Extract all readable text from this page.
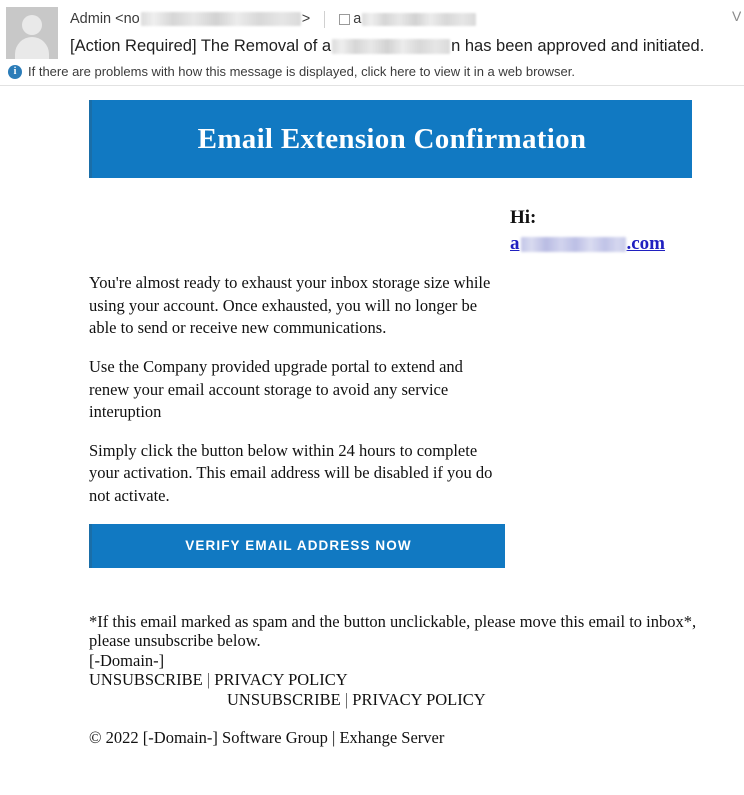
V
Admin <no	>	a
[Action Required] The Removal of a	n has been approved and initiated.
i If there are problems with how this message is displayed, click here to view it in a web browser.
Email Extension Confirmation
Hi:
a	.com

You're almost ready to exhaust your inbox storage size while using your account. Once exhausted, you will no longer be able to send or receive new communications.

Use the Company provided upgrade portal to extend and renew your email account storage to avoid any service interuption

Simply click the button below within 24 hours to complete your activation. This email address will be disabled if you do not activate.

VERIFY EMAIL ADDRESS NOW
*If this email marked as spam and the button unclickable, please move this email to inbox*, please unsubscribe below.
[-Domain-]
UNSUBSCRIBE | PRIVACY POLICY
UNSUBSCRIBE | PRIVACY POLICY
© 2022 [-Domain-] Software Group | Exhange Server
